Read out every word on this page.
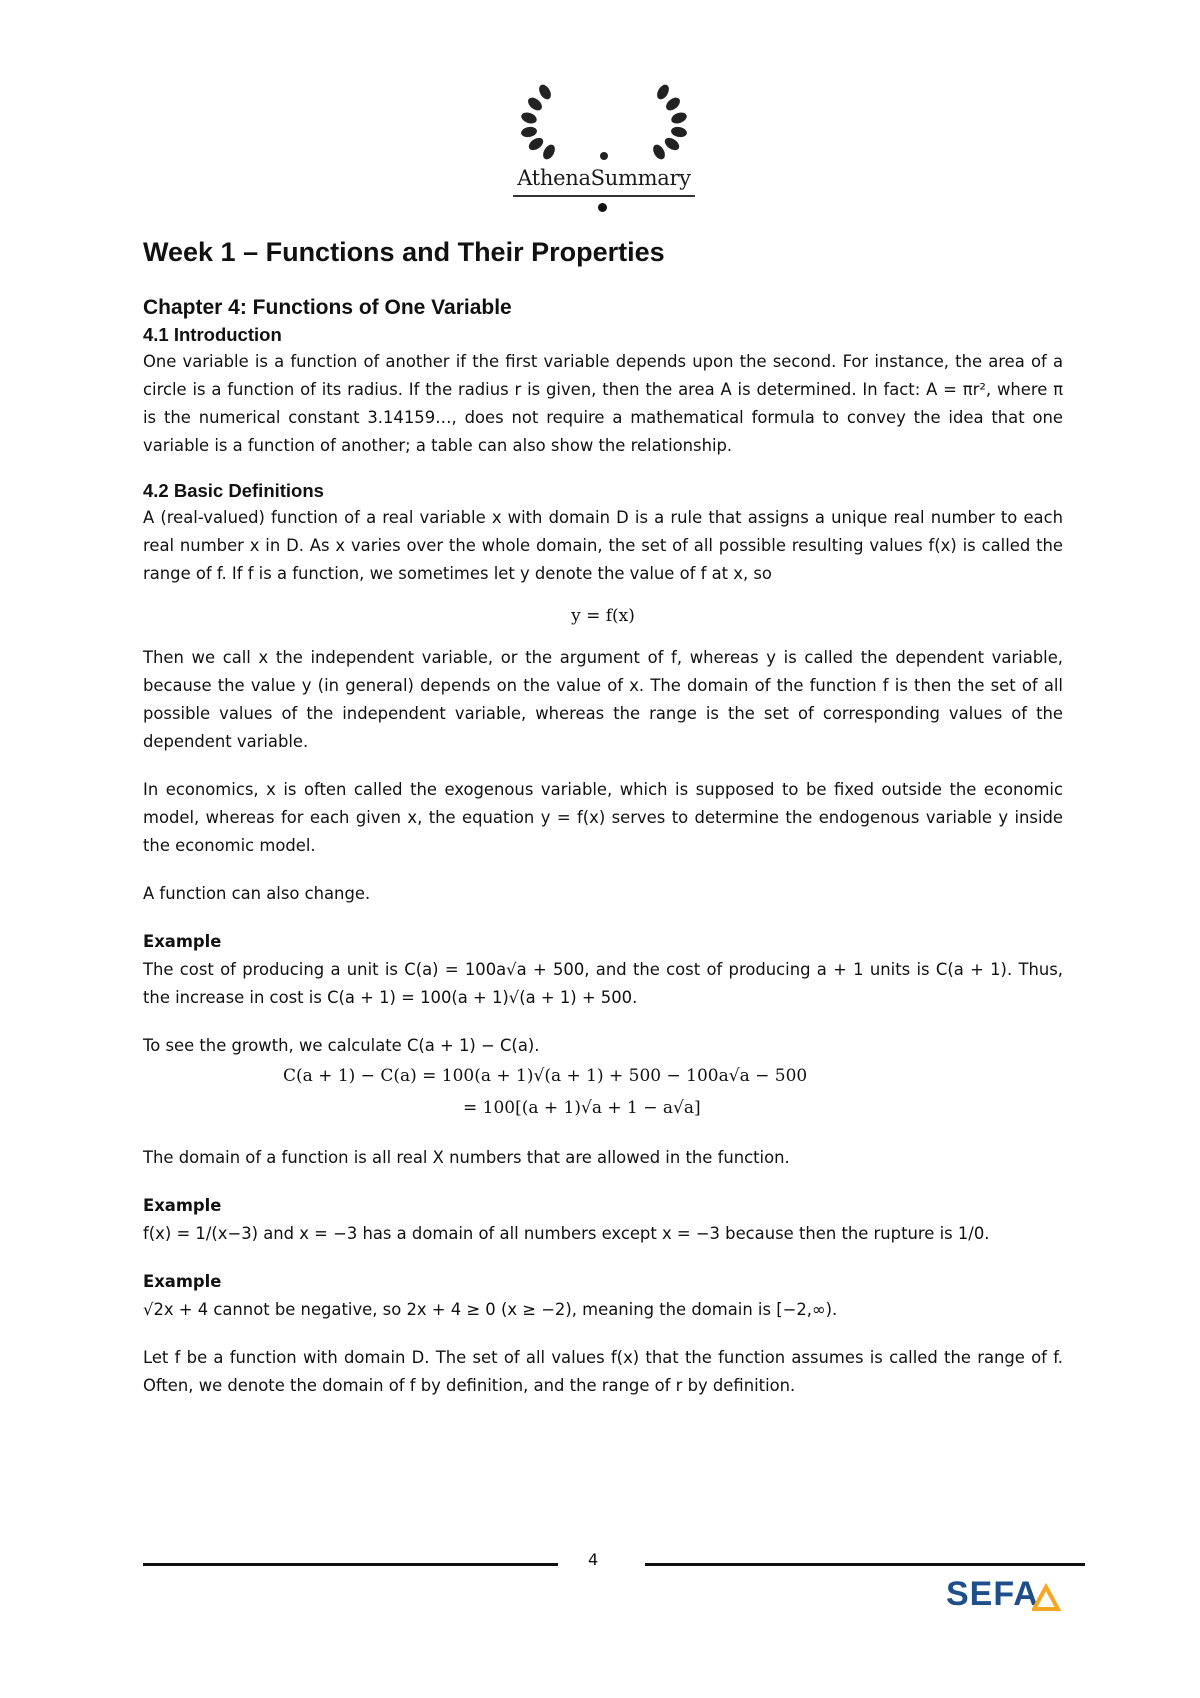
AthenaSummary
Week 1 – Functions and Their Properties
Chapter 4: Functions of One Variable
4.1 Introduction

One variable is a function of another if the first variable depends upon the second. For instance, the area of a circle is a function of its radius. If the radius r is given, then the area A is determined. In fact: A = πr², where π is the numerical constant 3.14159…, does not require a mathematical formula to convey the idea that one variable is a function of another; a table can also show the relationship.

4.2 Basic Definitions

A (real-valued) function of a real variable x with domain D is a rule that assigns a unique real number to each real number x in D. As x varies over the whole domain, the set of all possible resulting values f(x) is called the range of f. If f is a function, we sometimes let y denote the value of f at x, so

y = f(x)

Then we call x the independent variable, or the argument of f, whereas y is called the dependent variable, because the value y (in general) depends on the value of x. The domain of the function f is then the set of all possible values of the independent variable, whereas the range is the set of corresponding values of the dependent variable.

In economics, x is often called the exogenous variable, which is supposed to be fixed outside the economic model, whereas for each given x, the equation y = f(x) serves to determine the endogenous variable y inside the economic model.

A function can also change.

Example

The cost of producing a unit is C(a) = 100a√a + 500, and the cost of producing a + 1 units is C(a + 1). Thus, the increase in cost is C(a + 1) = 100(a + 1)√(a + 1) + 500.

To see the growth, we calculate C(a + 1) − C(a).

C(a + 1) − C(a) = 100(a + 1)√(a + 1) + 500 − 100a√a − 500
= 100[(a + 1)√a + 1 − a√a]

The domain of a function is all real X numbers that are allowed in the function.

Example

f(x) = 1/(x−3) and x = −3 has a domain of all numbers except x = −3 because then the rupture is 1/0.

Example

√2x + 4 cannot be negative, so 2x + 4 ≥ 0 (x ≥ −2), meaning the domain is [−2,∞).

Let f be a function with domain D. The set of all values f(x) that the function assumes is called the range of f. Often, we denote the domain of f by definition, and the range of r by definition.

4
SEFA
